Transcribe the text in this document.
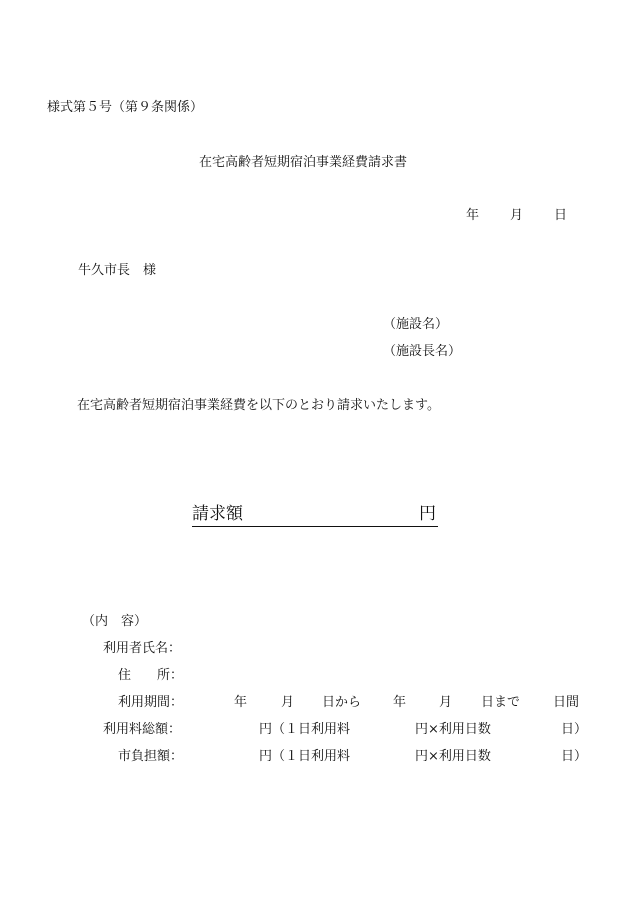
様式第５号（第９条関係）
在宅高齢者短期宿泊事業経費請求書
年 月 日
牛久市長　様
（施設名）
（施設長名）
在宅高齢者短期宿泊事業経費を以下のとおり請求いたします。
請求額	円
（内　容）
利用者氏名：
住　　所：
利用期間：	年	月 日から 年	月 日まで	日間
利用料総額：	円（１日利用料	円×利用日数	日）
市負担額：	円（１日利用料	円×利用日数	日）
